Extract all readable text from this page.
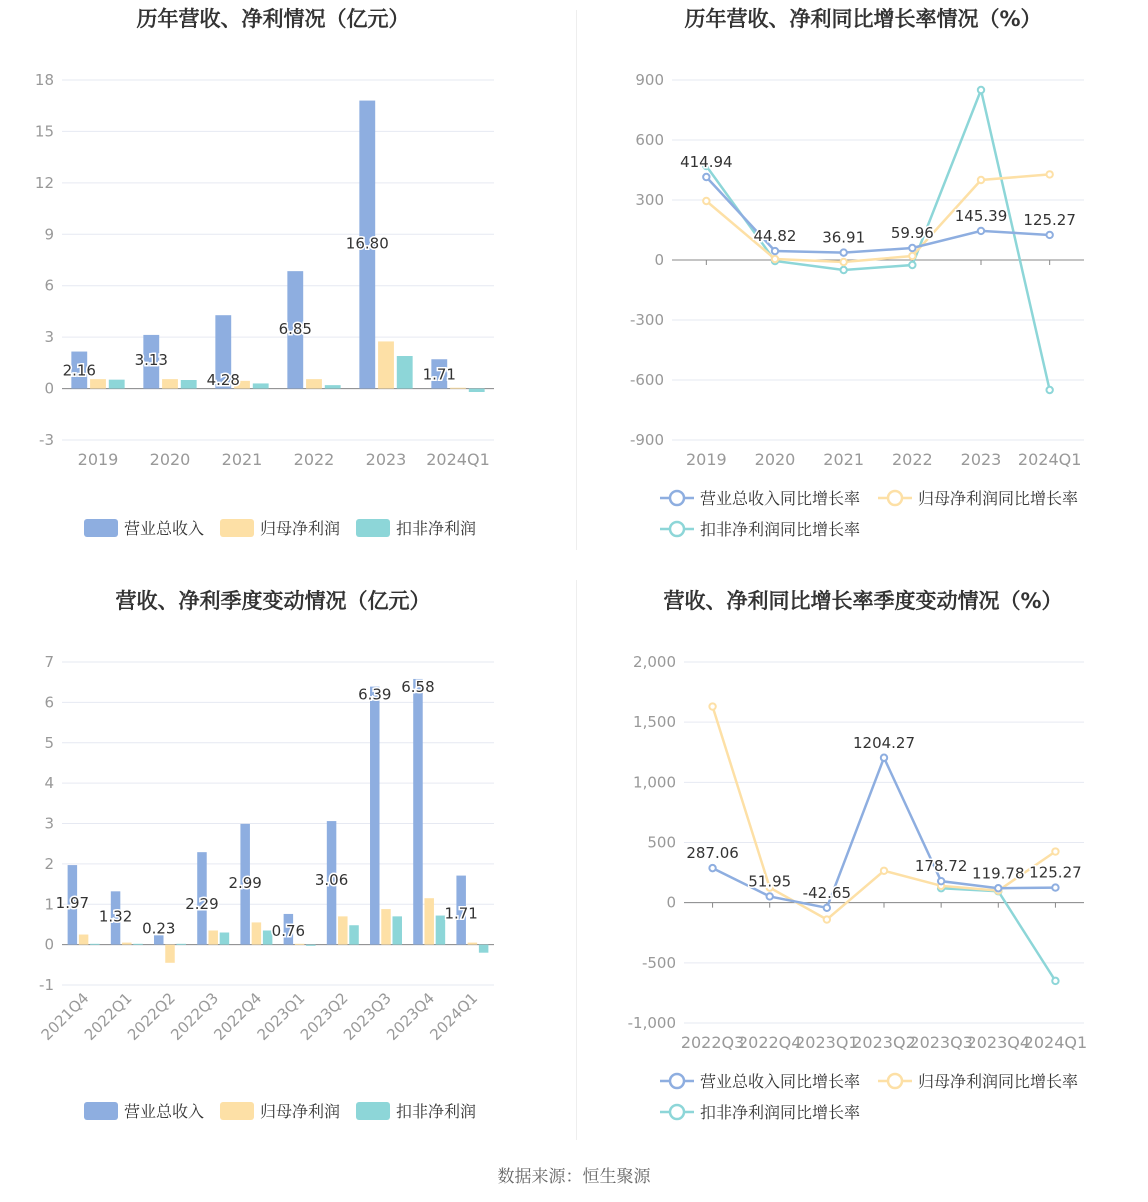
历年营收、净利情况（亿元）
-3
0
3
6
9
12
15
18
2019
2.16
2020
3.13
2021
4.28
2022
6.85
2023
16.80
2024Q1
1.71
营业总收入	归母净利润	扣非净利润
历年营收、净利同比增长率情况（%）
-900
-600
-300
0
300
600
900
2019 2020 2021 2022 2023 2024Q1
414.94
44.82 36.91 59.96
145.39 125.27
营业总收入同比增长率	归母净利润同比增长率
扣非净利润同比增长率
营收、净利季度变动情况（亿元）
-1
0
1
2
3
4
5
6
7
2021Q4
1.97
2022Q1
1.32
2022Q2
0.23
2022Q3
2.29
2022Q4
2.99
2023Q1
0.76
2023Q2
3.06
2023Q3
6.39
2023Q4
6.58
2024Q1
1.71
营业总收入	归母净利润	扣非净利润
营收、净利同比增长率季度变动情况（%）
-1,000
-500
0
500
1,000
1,500
2,000
2022Q3
2022Q4
2023Q1
2023Q2
2023Q3
2023Q4
2024Q1
287.06
51.95
-42.65
1204.27
178.72 119.78 125.27
营业总收入同比增长率	归母净利润同比增长率
扣非净利润同比增长率
数据来源：恒生聚源
